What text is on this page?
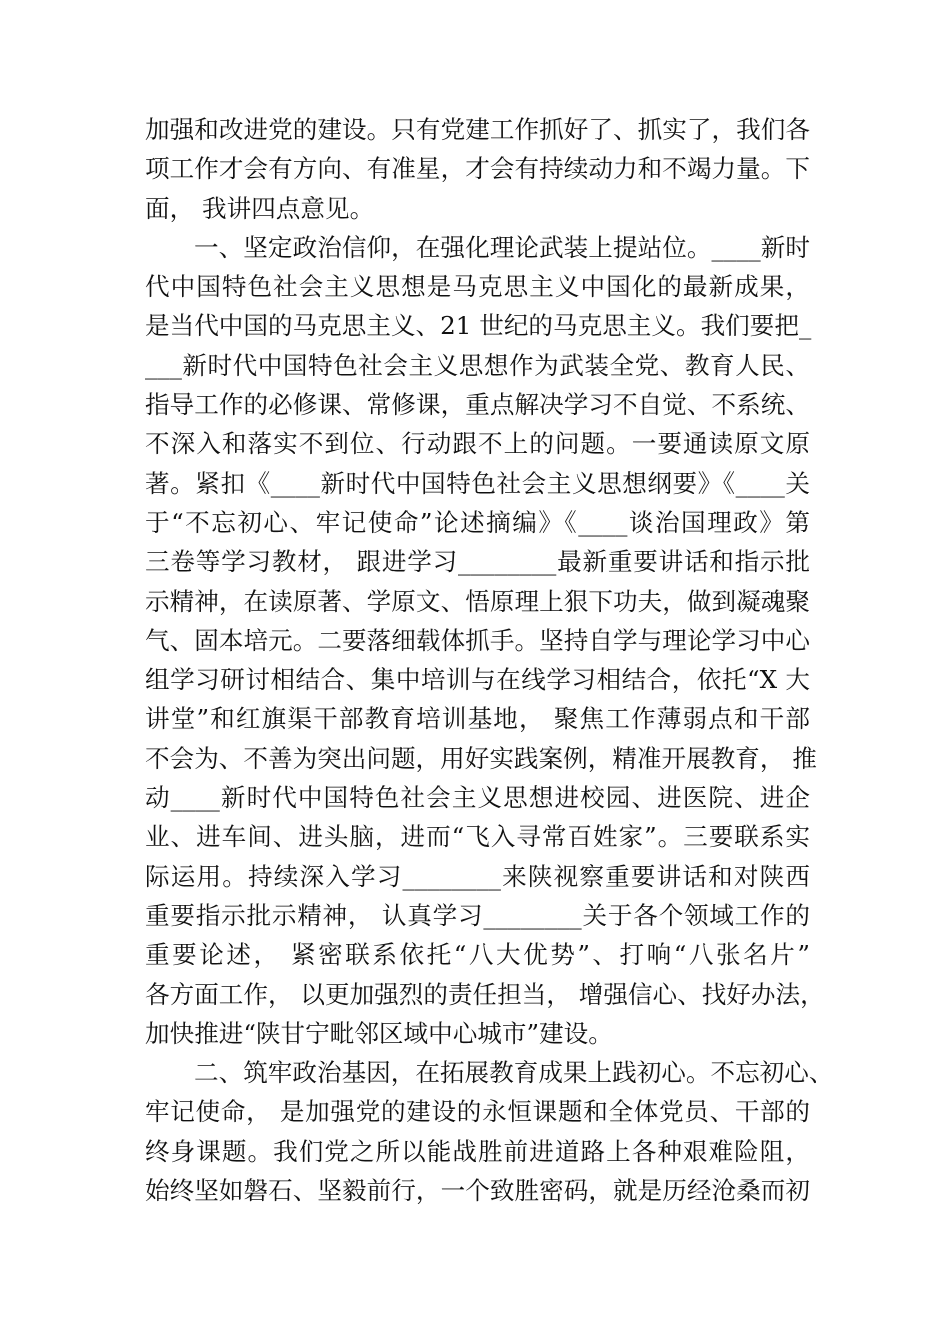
加强和改进党的建设。只有党建工作抓好了、抓实了，我们各
项工作才会有方向、有准星，才会有持续动力和不竭力量。下
面， 我讲四点意见。
一、坚定政治信仰，在强化理论武装上提站位。____新时
代中国特色社会主义思想是马克思主义中国化的最新成果，
是当代中国的马克思主义、21 世纪的马克思主义。我们要把_
___新时代中国特色社会主义思想作为武装全党、教育人民、
指导工作的必修课、常修课，重点解决学习不自觉、不系统、
不深入和落实不到位、行动跟不上的问题。一要通读原文原
著。紧扣《____新时代中国特色社会主义思想纲要》《____关
于“不忘初心、牢记使命”论述摘编》《____谈治国理政》第
三卷等学习教材， 跟进学习________最新重要讲话和指示批
示精神，在读原著、学原文、悟原理上狠下功夫，做到凝魂聚
气、固本培元。二要落细载体抓手。坚持自学与理论学习中心
组学习研讨相结合、集中培训与在线学习相结合，依托“X 大
讲堂”和红旗渠干部教育培训基地， 聚焦工作薄弱点和干部
不会为、不善为突出问题，用好实践案例，精准开展教育， 推
动____新时代中国特色社会主义思想进校园、进医院、进企
业、进车间、进头脑，进而“飞入寻常百姓家”。三要联系实
际运用。持续深入学习________来陕视察重要讲话和对陕西
重要指示批示精神， 认真学习________关于各个领域工作的
重要论述， 紧密联系依托“八大优势”、打响“八张名片”
各方面工作， 以更加强烈的责任担当， 增强信心、找好办法，
加快推进“陕甘宁毗邻区域中心城市”建设。
二、筑牢政治基因，在拓展教育成果上践初心。不忘初心、
牢记使命， 是加强党的建设的永恒课题和全体党员、干部的
终身课题。我们党之所以能战胜前进道路上各种艰难险阻，
始终坚如磐石、坚毅前行，一个致胜密码，就是历经沧桑而初
